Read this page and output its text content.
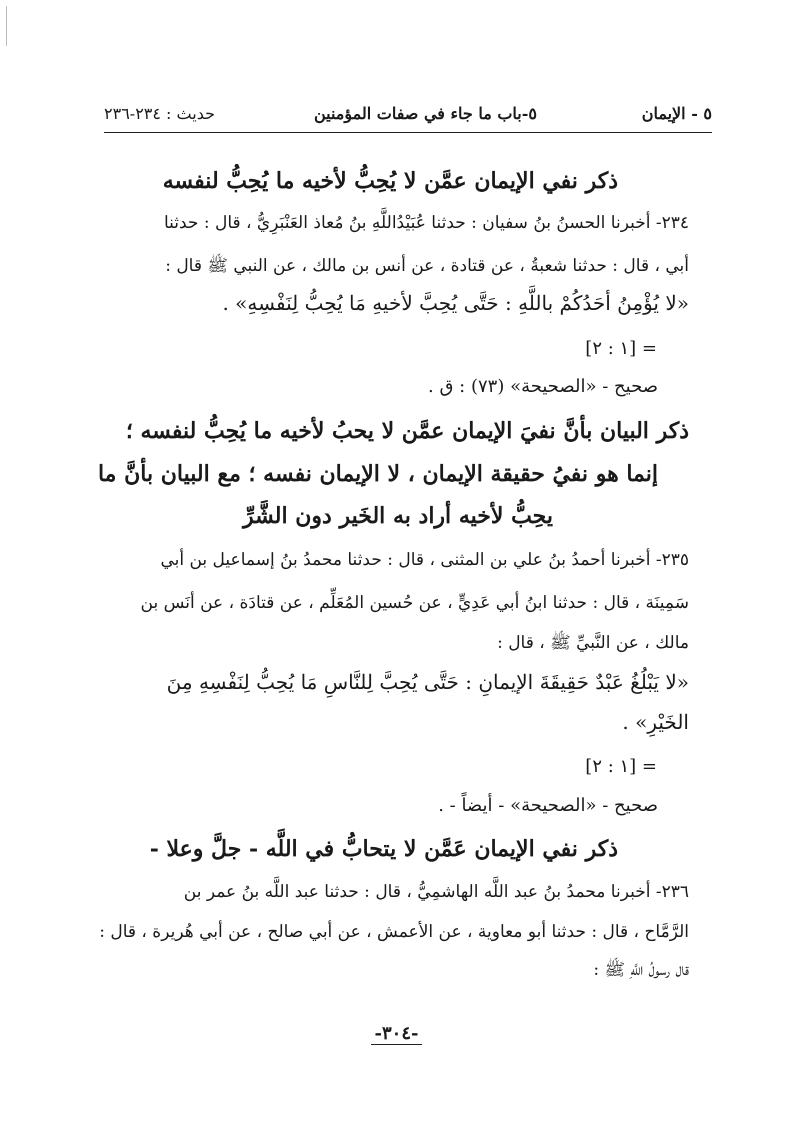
٥ - الإيمان
٥-باب ما جاء في صفات المؤمنين
حديث : ٢٣٤-٢٣٦
ذكر نفي الإيمان عمَّن لا يُحِبُّ لأخيه ما يُحِبُّ لنفسه
٢٣٤- أخبرنا الحسنُ بنُ سفيان : حدثنا عُبَيْدُاللَّهِ بنُ مُعاذ العَنْبَرِيُّ ، قال : حدثنا
أبي ، قال : حدثنا شعبةُ ، عن قتادة ، عن أنس بن مالك ، عن النبي ﷺ قال :
«لا يُؤْمِنُ أحَدُكُمْ باللَّهِ : حَتَّى يُحِبَّ لأخيهِ مَا يُحِبُّ لِنَفْسِهِ» .
= [١ : ٢]
صحيح - «الصحيحة» (٧٣) : ق .
ذكر البيان بأنَّ نفيَ الإيمان عمَّن لا يحبُ لأخيه ما يُحِبُّ لنفسه ؛
إنما هو نفيُ حقيقة الإيمان ، لا الإيمان نفسه ؛ مع البيان بأنَّ ما
يحِبُّ لأخيه أراد به الخَير دون الشَّرِّ
٢٣٥- أخبرنا أحمدُ بنُ علي بن المثنى ، قال : حدثنا محمدُ بنُ إسماعيل بن أبي
سَمِينَة ، قال : حدثنا ابنُ أبي عَدِيٍّ ، عن حُسين المُعَلِّم ، عن قتادَة ، عن أنَس بن
مالك ، عن النَّبيِّ ﷺ ، قال :
«لا يَبْلُغُ عَبْدٌ حَقِيقَةَ الإيمانِ : حَتَّى يُحِبَّ لِلنَّاسِ مَا يُحِبُّ لِنَفْسِهِ مِنَ
الخَيْرِ» .
= [١ : ٢]
صحيح - «الصحيحة» - أيضاً - .
ذكر نفي الإيمان عَمَّن لا يتحابُّ في اللَّه - جلَّ وعلا -
٢٣٦- أخبرنا محمدُ بنُ عبد اللَّه الهاشمِيُّ ، قال : حدثنا عبد اللَّه بنُ عمر بن
الرَّمَّاح ، قال : حدثنا أبو معاوية ، عن الأعمش ، عن أبي صالح ، عن أبي هُريرة ، قال :
قال رسولُ اللَّهِ ﷺ :
-٣٠٤-
